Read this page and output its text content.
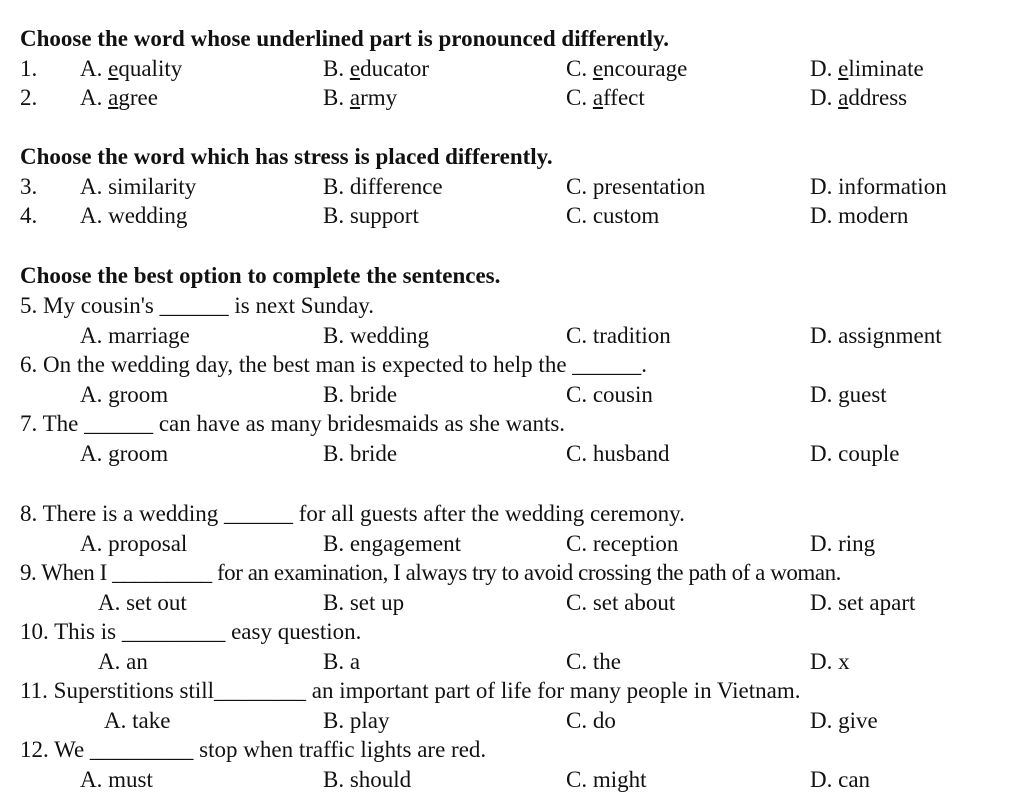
Choose the word whose underlined part is pronounced differently.
1. A. equality	B. educator	C. encourage	D. eliminate
2. A. agree	B. army	C. affect	D. address
Choose the word which has stress is placed differently.
3. A. similarity	B. difference	C. presentation	D. information
4. A. wedding	B. support	C. custom	D. modern
Choose the best option to complete the sentences.
5. My cousin's ______ is next Sunday.
A. marriage	B. wedding	C. tradition	D. assignment
6. On the wedding day, the best man is expected to help the ______.
A. groom	B. bride	C. cousin	D. guest
7. The ______ can have as many bridesmaids as she wants.
A. groom	B. bride	C. husband	D. couple
8. There is a wedding ______ for all guests after the wedding ceremony.
A. proposal	B. engagement	C. reception	D. ring
9. When I _________ for an examination, I always try to avoid crossing the path of a woman.
A. set out	B. set up	C. set about	D. set apart
10. This is _________ easy question.
A. an	B. a	C. the	D. x
11. Superstitions still________ an important part of life for many people in Vietnam.
A. take	B. play	C. do	D. give
12. We _________ stop when traffic lights are red.
A. must	B. should	C. might	D. can
